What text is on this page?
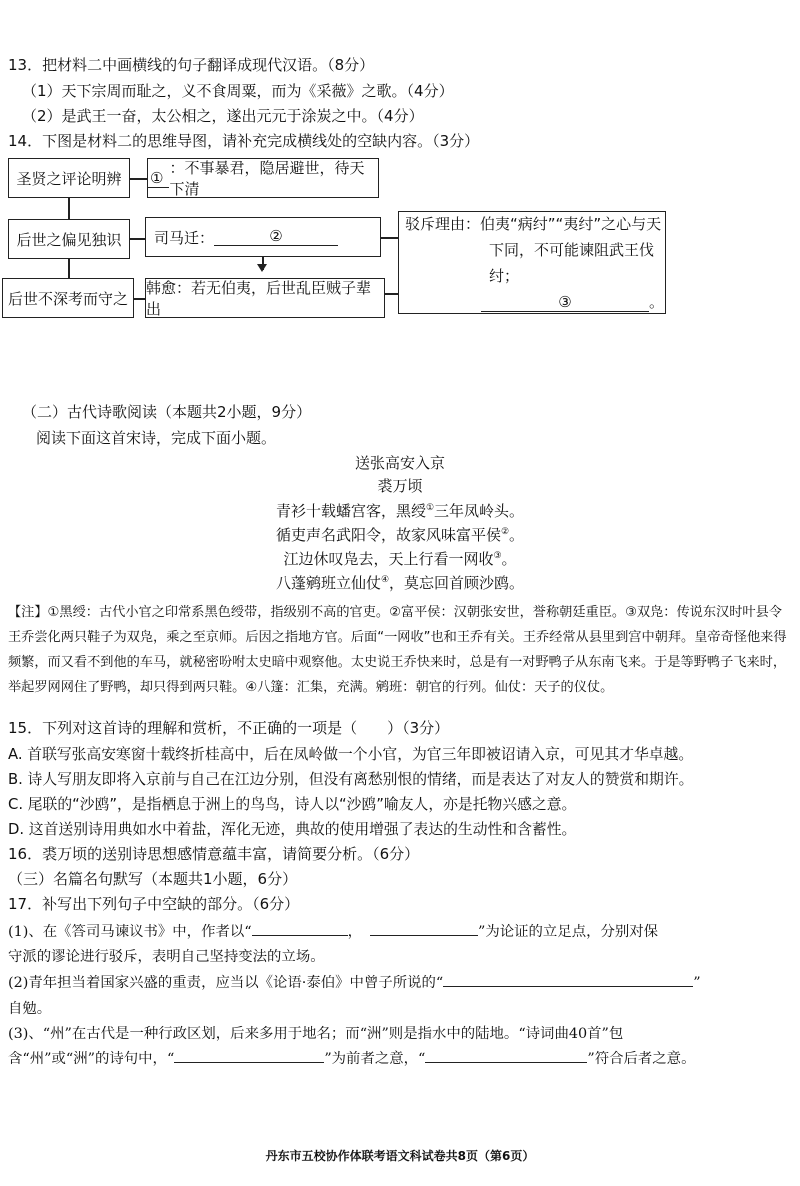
13．把材料二中画横线的句子翻译成现代汉语。（8分）
（1）天下宗周而耻之，义不食周粟，而为《采薇》之歌。（4分）
（2）是武王一奋，太公相之，遂出元元于涂炭之中。（4分）
14．下图是材料二的思维导图，请补充完成横线处的空缺内容。（3分）
圣贤之评论明辨
后世之偏见独识
后世不深考而守之
①
：不事暴君，隐居避世，待天下清
司马迁：	②
韩愈：若无伯夷，后世乱臣贼子辈出
驳斥理由：伯夷“病纣”“夷纣”之心与天
下同，不可能谏阻武王伐纣；
③	。
（二）古代诗歌阅读（本题共2小题，9分）
阅读下面这首宋诗，完成下面小题。
送张高安入京
裘万顷
青衫十载蟠宫客，黑绶①三年凤岭头。
循吏声名武阳令，故家风味富平侯②。
江边休叹凫去，天上行看一网收③。
八蓬鹓班立仙仗④，莫忘回首顾沙鸥。
【注】①黑绶：古代小官之印常系黑色绶带，指级别不高的官吏。②富平侯：汉朝张安世，誉称朝廷重臣。③双凫：传说东汉时叶县令王乔尝化两只鞋子为双凫，乘之至京师。后因之指地方官。后面“一网收”也和王乔有关。王乔经常从县里到宫中朝拜。皇帝奇怪他来得频繁，而又看不到他的车马，就秘密吩咐太史暗中观察他。太史说王乔快来时，总是有一对野鸭子从东南飞来。于是等野鸭子飞来时，举起罗网网住了野鸭，却只得到两只鞋。④八篷：汇集，充满。鹓班：朝官的行列。仙仗：天子的仪仗。
15．下列对这首诗的理解和赏析，不正确的一项是（　　）（3分）
A. 首联写张高安寒窗十载终折桂高中，后在凤岭做一个小官，为官三年即被诏请入京，可见其才华卓越。
B. 诗人写朋友即将入京前与自己在江边分别，但没有离愁别恨的情绪，而是表达了对友人的赞赏和期许。
C. 尾联的“沙鸥”，是指栖息于洲上的鸟鸟，诗人以“沙鸥”喻友人，亦是托物兴感之意。
D. 这首送别诗用典如水中着盐，浑化无迹，典故的使用增强了表达的生动性和含蓄性。
16．裘万顷的送别诗思想感情意蕴丰富，请简要分析。（6分）
（三）名篇名句默写（本题共1小题，6分）
17．补写出下列句子中空缺的部分。（6分）
(1)、在《答司马谏议书》中，作者以“	，	”为论证的立足点，分别对保
守派的谬论进行驳斥，表明自己坚持变法的立场。
(2)青年担当着国家兴盛的重责，应当以《论语·泰伯》中曾子所说的“	”
自勉。
(3)、“州”在古代是一种行政区划，后来多用于地名；而“洲”则是指水中的陆地。“诗词曲40首”包
含“州”或“洲”的诗句中，“	”为前者之意，“	”符合后者之意。
丹东市五校协作体联考语文科试卷共8页（第6页）
